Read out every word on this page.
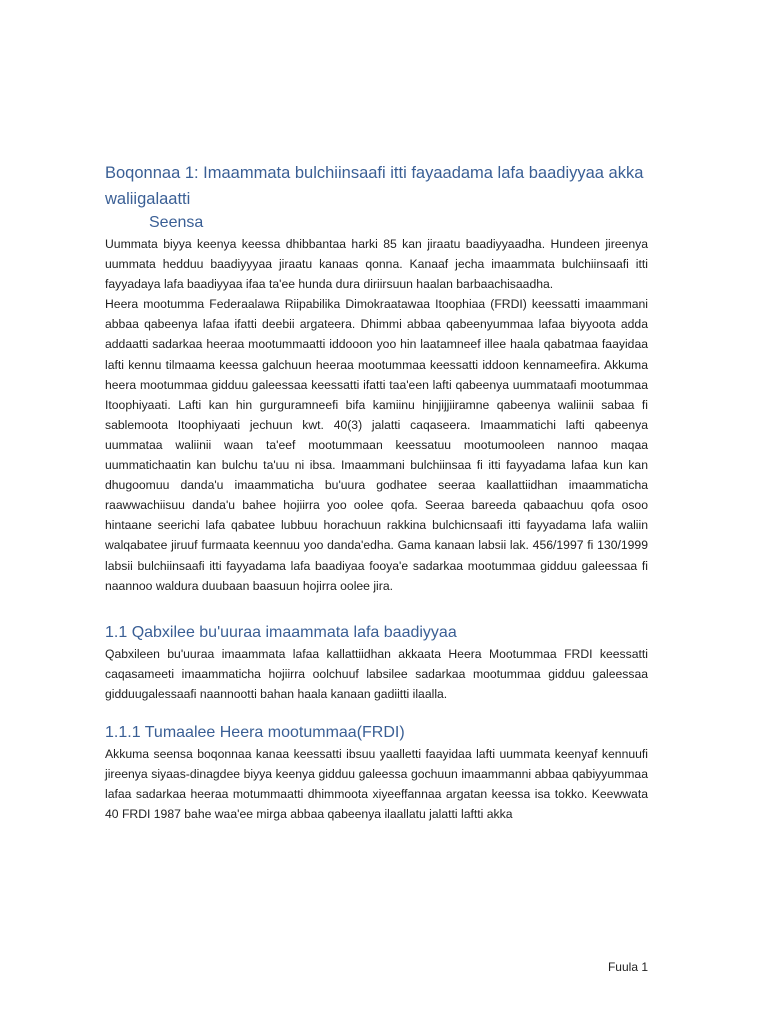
Boqonnaa 1: Imaammata bulchiinsaafi itti fayaadama lafa baadiyyaa akka waliigalaatti
Seensa

Uummata biyya keenya keessa dhibbantaa harki 85 kan jiraatu baadiyyaadha. Hundeen jireenya uummata hedduu baadiyyyaa jiraatu kanaas qonna. Kanaaf jecha imaammata bulchiinsaafi itti fayyadaya lafa baadiyyaa ifaa ta'ee hunda dura diriirsuun haalan barbaachisaadha.

Heera mootumma Federaalawa Riipabilika Dimokraatawaa Itoophiaa (FRDI) keessatti imaammani abbaa qabeenya lafaa ifatti deebii argateera. Dhimmi abbaa qabeenyummaa lafaa biyyoota adda addaatti sadarkaa heeraa mootummaatti iddooon yoo hin laatamneef illee haala qabatmaa faayidaa lafti kennu tilmaama keessa galchuun heeraa mootummaa keessatti iddoon kennameefira. Akkuma heera mootummaa gidduu galeessaa keessatti ifatti taa'een lafti qabeenya uummataafi mootummaa Itoophiyaati. Lafti kan hin gurguramneefi bifa kamiinu hinjijjiiramne qabeenya waliinii sabaa fi sablemoota Itoophiyaati jechuun kwt. 40(3) jalatti caqaseera. Imaammatichi lafti qabeenya uummataa waliinii waan ta'eef mootummaan keessatuu mootumooleen nannoo maqaa uummatichaatin kan bulchu ta'uu ni ibsa. Imaammani bulchiinsaa fi itti fayyadama lafaa kun kan dhugoomuu danda'u imaammaticha bu'uura godhatee seeraa kaallattiidhan imaammaticha raawwachiisuu danda'u bahee hojiirra yoo oolee qofa. Seeraa bareeda qabaachuu qofa osoo hintaane seerichi lafa qabatee lubbuu horachuun rakkina bulchicnsaafi itti fayyadama lafa waliin walqabatee jiruuf furmaata keennuu yoo danda'edha. Gama kanaan labsii lak. 456/1997 fi 130/1999 labsii bulchiinsaafi itti fayyadama lafa baadiyaa fooya'e sadarkaa mootummaa gidduu galeessaa fi naannoo waldura duubaan baasuun hojirra oolee jira.

1.1 Qabxilee bu'uuraa imaammata lafa baadiyyaa

Qabxileen bu'uuraa imaammata lafaa kallattiidhan akkaata Heera Mootummaa FRDI keessatti caqasameeti imaammaticha hojiirra oolchuuf labsilee sadarkaa mootummaa gidduu galeessaa gidduugalessaafi naannootti bahan haala kanaan gadiitti ilaalla.

1.1.1 Tumaalee Heera mootummaa(FRDI)

Akkuma seensa boqonnaa kanaa keessatti ibsuu yaalletti faayidaa lafti uummata keenyaf kennuufi jireenya siyaas-dinagdee biyya keenya gidduu galeessa gochuun imaammanni abbaa qabiyyummaa lafaa sadarkaa heeraa motummaatti dhimmoota xiyeeffannaa argatan keessa isa tokko. Keewwata 40 FRDI 1987 bahe waa'ee mirga abbaa qabeenya ilaallatu jalatti laftti akka

Fuula 1
